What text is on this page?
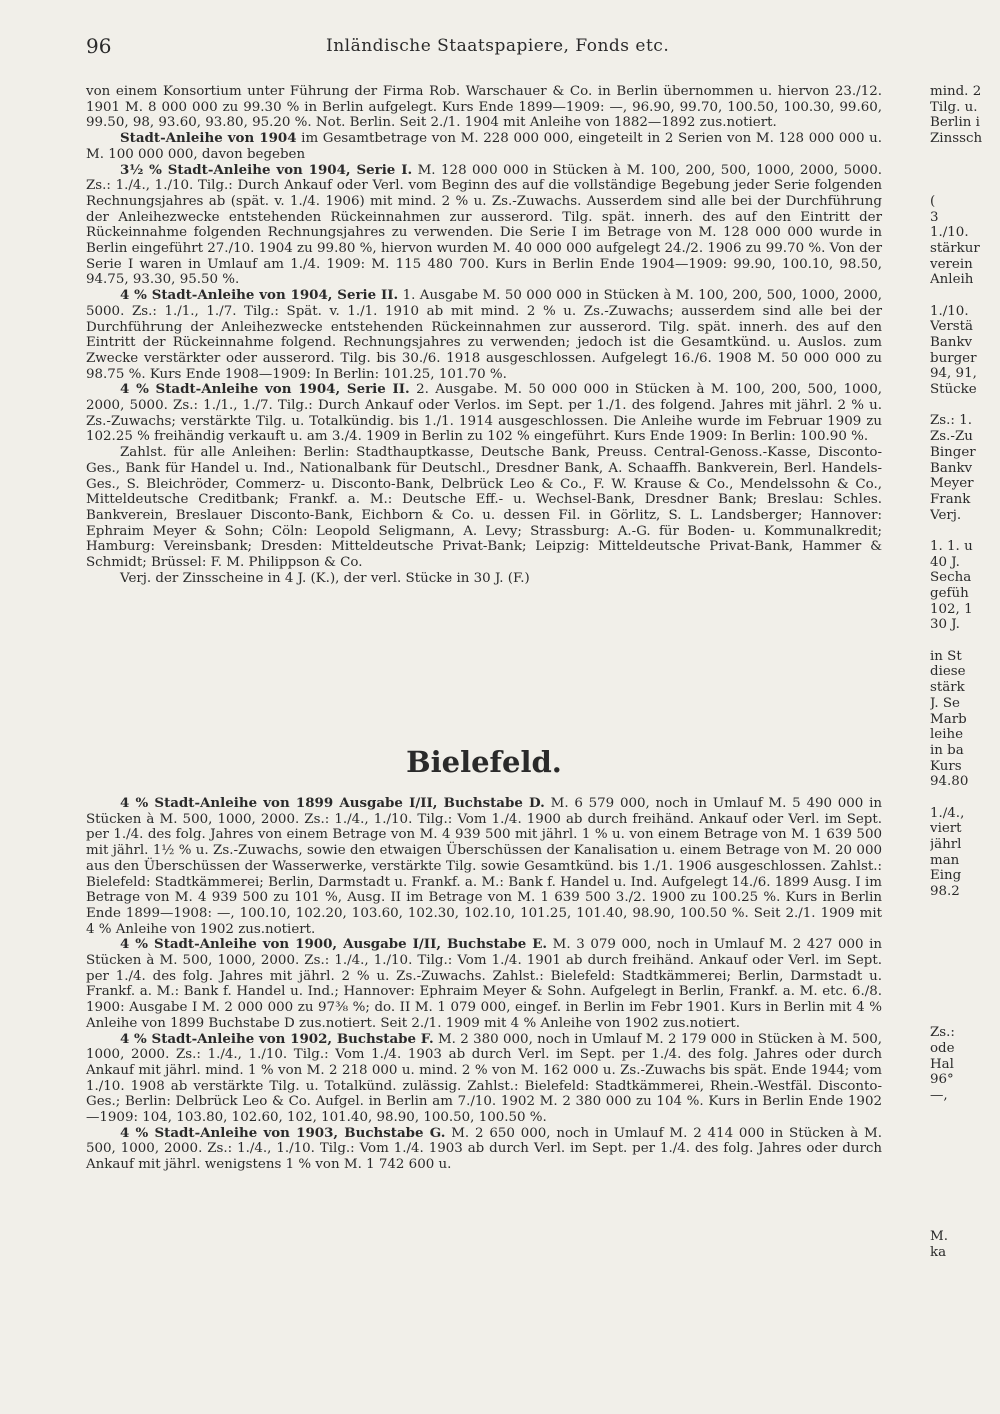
96	Inländische Staatspapiere, Fonds etc.

von einem Konsortium unter Führung der Firma Rob. Warschauer & Co. in Berlin übernommen u. hiervon 23./12. 1901 M. 8 000 000 zu 99.30 % in Berlin aufgelegt. Kurs Ende 1899—1909: —, 96.90, 99.70, 100.50, 100.30, 99.60, 99.50, 98, 93.60, 93.80, 95.20 %. Not. Berlin. Seit 2./1. 1904 mit Anleihe von 1882—1892 zus.notiert.

Stadt-Anleihe von 1904 im Gesamtbetrage von M. 228 000 000, eingeteilt in 2 Serien von M. 128 000 000 u. M. 100 000 000, davon begeben

3½ % Stadt-Anleihe von 1904, Serie I. M. 128 000 000 in Stücken à M. 100, 200, 500, 1000, 2000, 5000. Zs.: 1./4., 1./10. Tilg.: Durch Ankauf oder Verl. vom Beginn des auf die vollständige Begebung jeder Serie folgenden Rechnungsjahres ab (spät. v. 1./4. 1906) mit mind. 2 % u. Zs.-Zuwachs. Ausserdem sind alle bei der Durchführung der Anleihezwecke entstehenden Rückeinnahmen zur ausserord. Tilg. spät. innerh. des auf den Eintritt der Rückeinnahme folgenden Rechnungsjahres zu verwenden. Die Serie I im Betrage von M. 128 000 000 wurde in Berlin eingeführt 27./10. 1904 zu 99.80 %, hiervon wurden M. 40 000 000 aufgelegt 24./2. 1906 zu 99.70 %. Von der Serie I waren in Umlauf am 1./4. 1909: M. 115 480 700. Kurs in Berlin Ende 1904—1909: 99.90, 100.10, 98.50, 94.75, 93.30, 95.50 %.

4 % Stadt-Anleihe von 1904, Serie II. 1. Ausgabe M. 50 000 000 in Stücken à M. 100, 200, 500, 1000, 2000, 5000. Zs.: 1./1., 1./7. Tilg.: Spät. v. 1./1. 1910 ab mit mind. 2 % u. Zs.-Zuwachs; ausserdem sind alle bei der Durchführung der Anleihezwecke entstehenden Rückeinnahmen zur ausserord. Tilg. spät. innerh. des auf den Eintritt der Rückeinnahme folgend. Rechnungsjahres zu verwenden; jedoch ist die Gesamtkünd. u. Auslos. zum Zwecke verstärkter oder ausserord. Tilg. bis 30./6. 1918 ausgeschlossen. Aufgelegt 16./6. 1908 M. 50 000 000 zu 98.75 %. Kurs Ende 1908—1909: In Berlin: 101.25, 101.70 %.

4 % Stadt-Anleihe von 1904, Serie II. 2. Ausgabe. M. 50 000 000 in Stücken à M. 100, 200, 500, 1000, 2000, 5000. Zs.: 1./1., 1./7. Tilg.: Durch Ankauf oder Verlos. im Sept. per 1./1. des folgend. Jahres mit jährl. 2 % u. Zs.-Zuwachs; verstärkte Tilg. u. Totalkündig. bis 1./1. 1914 ausgeschlossen. Die Anleihe wurde im Februar 1909 zu 102.25 % freihändig verkauft u. am 3./4. 1909 in Berlin zu 102 % eingeführt. Kurs Ende 1909: In Berlin: 100.90 %.

Zahlst. für alle Anleihen: Berlin: Stadthauptkasse, Deutsche Bank, Preuss. Central-Genoss.-Kasse, Disconto-Ges., Bank für Handel u. Ind., Nationalbank für Deutschl., Dresdner Bank, A. Schaaffh. Bankverein, Berl. Handels-Ges., S. Bleichröder, Commerz- u. Disconto-Bank, Delbrück Leo & Co., F. W. Krause & Co., Mendelssohn & Co., Mitteldeutsche Creditbank; Frankf. a. M.: Deutsche Eff.- u. Wechsel-Bank, Dresdner Bank; Breslau: Schles. Bankverein, Breslauer Disconto-Bank, Eichborn & Co. u. dessen Fil. in Görlitz, S. L. Landsberger; Hannover: Ephraim Meyer & Sohn; Cöln: Leopold Seligmann, A. Levy; Strassburg: A.-G. für Boden- u. Kommunalkredit; Hamburg: Vereinsbank; Dresden: Mitteldeutsche Privat-Bank; Leipzig: Mitteldeutsche Privat-Bank, Hammer & Schmidt; Brüssel: F. M. Philippson & Co.

Verj. der Zinsscheine in 4 J. (K.), der verl. Stücke in 30 J. (F.)

Bielefeld.

4 % Stadt-Anleihe von 1899 Ausgabe I/II, Buchstabe D. M. 6 579 000, noch in Umlauf M. 5 490 000 in Stücken à M. 500, 1000, 2000. Zs.: 1./4., 1./10. Tilg.: Vom 1./4. 1900 ab durch freihänd. Ankauf oder Verl. im Sept. per 1./4. des folg. Jahres von einem Betrage von M. 4 939 500 mit jährl. 1 % u. von einem Betrage von M. 1 639 500 mit jährl. 1½ % u. Zs.-Zuwachs, sowie den etwaigen Überschüssen der Kanalisation u. einem Betrage von M. 20 000 aus den Überschüssen der Wasserwerke, verstärkte Tilg. sowie Gesamtkünd. bis 1./1. 1906 ausgeschlossen. Zahlst.: Bielefeld: Stadtkämmerei; Berlin, Darmstadt u. Frankf. a. M.: Bank f. Handel u. Ind. Aufgelegt 14./6. 1899 Ausg. I im Betrage von M. 4 939 500 zu 101 %, Ausg. II im Betrage von M. 1 639 500 3./2. 1900 zu 100.25 %. Kurs in Berlin Ende 1899—1908: —, 100.10, 102.20, 103.60, 102.30, 102.10, 101.25, 101.40, 98.90, 100.50 %. Seit 2./1. 1909 mit 4 % Anleihe von 1902 zus.notiert.

4 % Stadt-Anleihe von 1900, Ausgabe I/II, Buchstabe E. M. 3 079 000, noch in Umlauf M. 2 427 000 in Stücken à M. 500, 1000, 2000. Zs.: 1./4., 1./10. Tilg.: Vom 1./4. 1901 ab durch freihänd. Ankauf oder Verl. im Sept. per 1./4. des folg. Jahres mit jährl. 2 % u. Zs.-Zuwachs. Zahlst.: Bielefeld: Stadtkämmerei; Berlin, Darmstadt u. Frankf. a. M.: Bank f. Handel u. Ind.; Hannover: Ephraim Meyer & Sohn. Aufgelegt in Berlin, Frankf. a. M. etc. 6./8. 1900: Ausgabe I M. 2 000 000 zu 97⅜ %; do. II M. 1 079 000, eingef. in Berlin im Febr 1901. Kurs in Berlin mit 4 % Anleihe von 1899 Buchstabe D zus.notiert. Seit 2./1. 1909 mit 4 % Anleihe von 1902 zus.notiert.

4 % Stadt-Anleihe von 1902, Buchstabe F. M. 2 380 000, noch in Umlauf M. 2 179 000 in Stücken à M. 500, 1000, 2000. Zs.: 1./4., 1./10. Tilg.: Vom 1./4. 1903 ab durch Verl. im Sept. per 1./4. des folg. Jahres oder durch Ankauf mit jährl. mind. 1 % von M. 2 218 000 u. mind. 2 % von M. 162 000 u. Zs.-Zuwachs bis spät. Ende 1944; vom 1./10. 1908 ab verstärkte Tilg. u. Totalkünd. zulässig. Zahlst.: Bielefeld: Stadtkämmerei, Rhein.-Westfäl. Disconto-Ges.; Berlin: Delbrück Leo & Co. Aufgel. in Berlin am 7./10. 1902 M. 2 380 000 zu 104 %. Kurs in Berlin Ende 1902—1909: 104, 103.80, 102.60, 102, 101.40, 98.90, 100.50, 100.50 %.

4 % Stadt-Anleihe von 1903, Buchstabe G. M. 2 650 000, noch in Umlauf M. 2 414 000 in Stücken à M. 500, 1000, 2000. Zs.: 1./4., 1./10. Tilg.: Vom 1./4. 1903 ab durch Verl. im Sept. per 1./4. des folg. Jahres oder durch Ankauf mit jährl. wenigstens 1 % von M. 1 742 600 u.

mind. 2
Tilg. u.
Berlin i
Zinssch
(
3
1./10.
stärkur
verein
Anleih
1./10.
Verstä
Bankv
burger
94, 91,
Stücke
Zs.: 1.
Zs.-Zu
Binger
Bankv
Meyer
Frank
Verj.
1. 1. u
40 J.
Secha
gefüh
102, 1
30 J.
in St
diese
stärk
J. Se
Marb
leihe
in ba
Kurs
94.80
1./4.,
viert
jährl
man
Eing
98.2
Zs.:
ode
Hal
96°
—,
M.
ka
